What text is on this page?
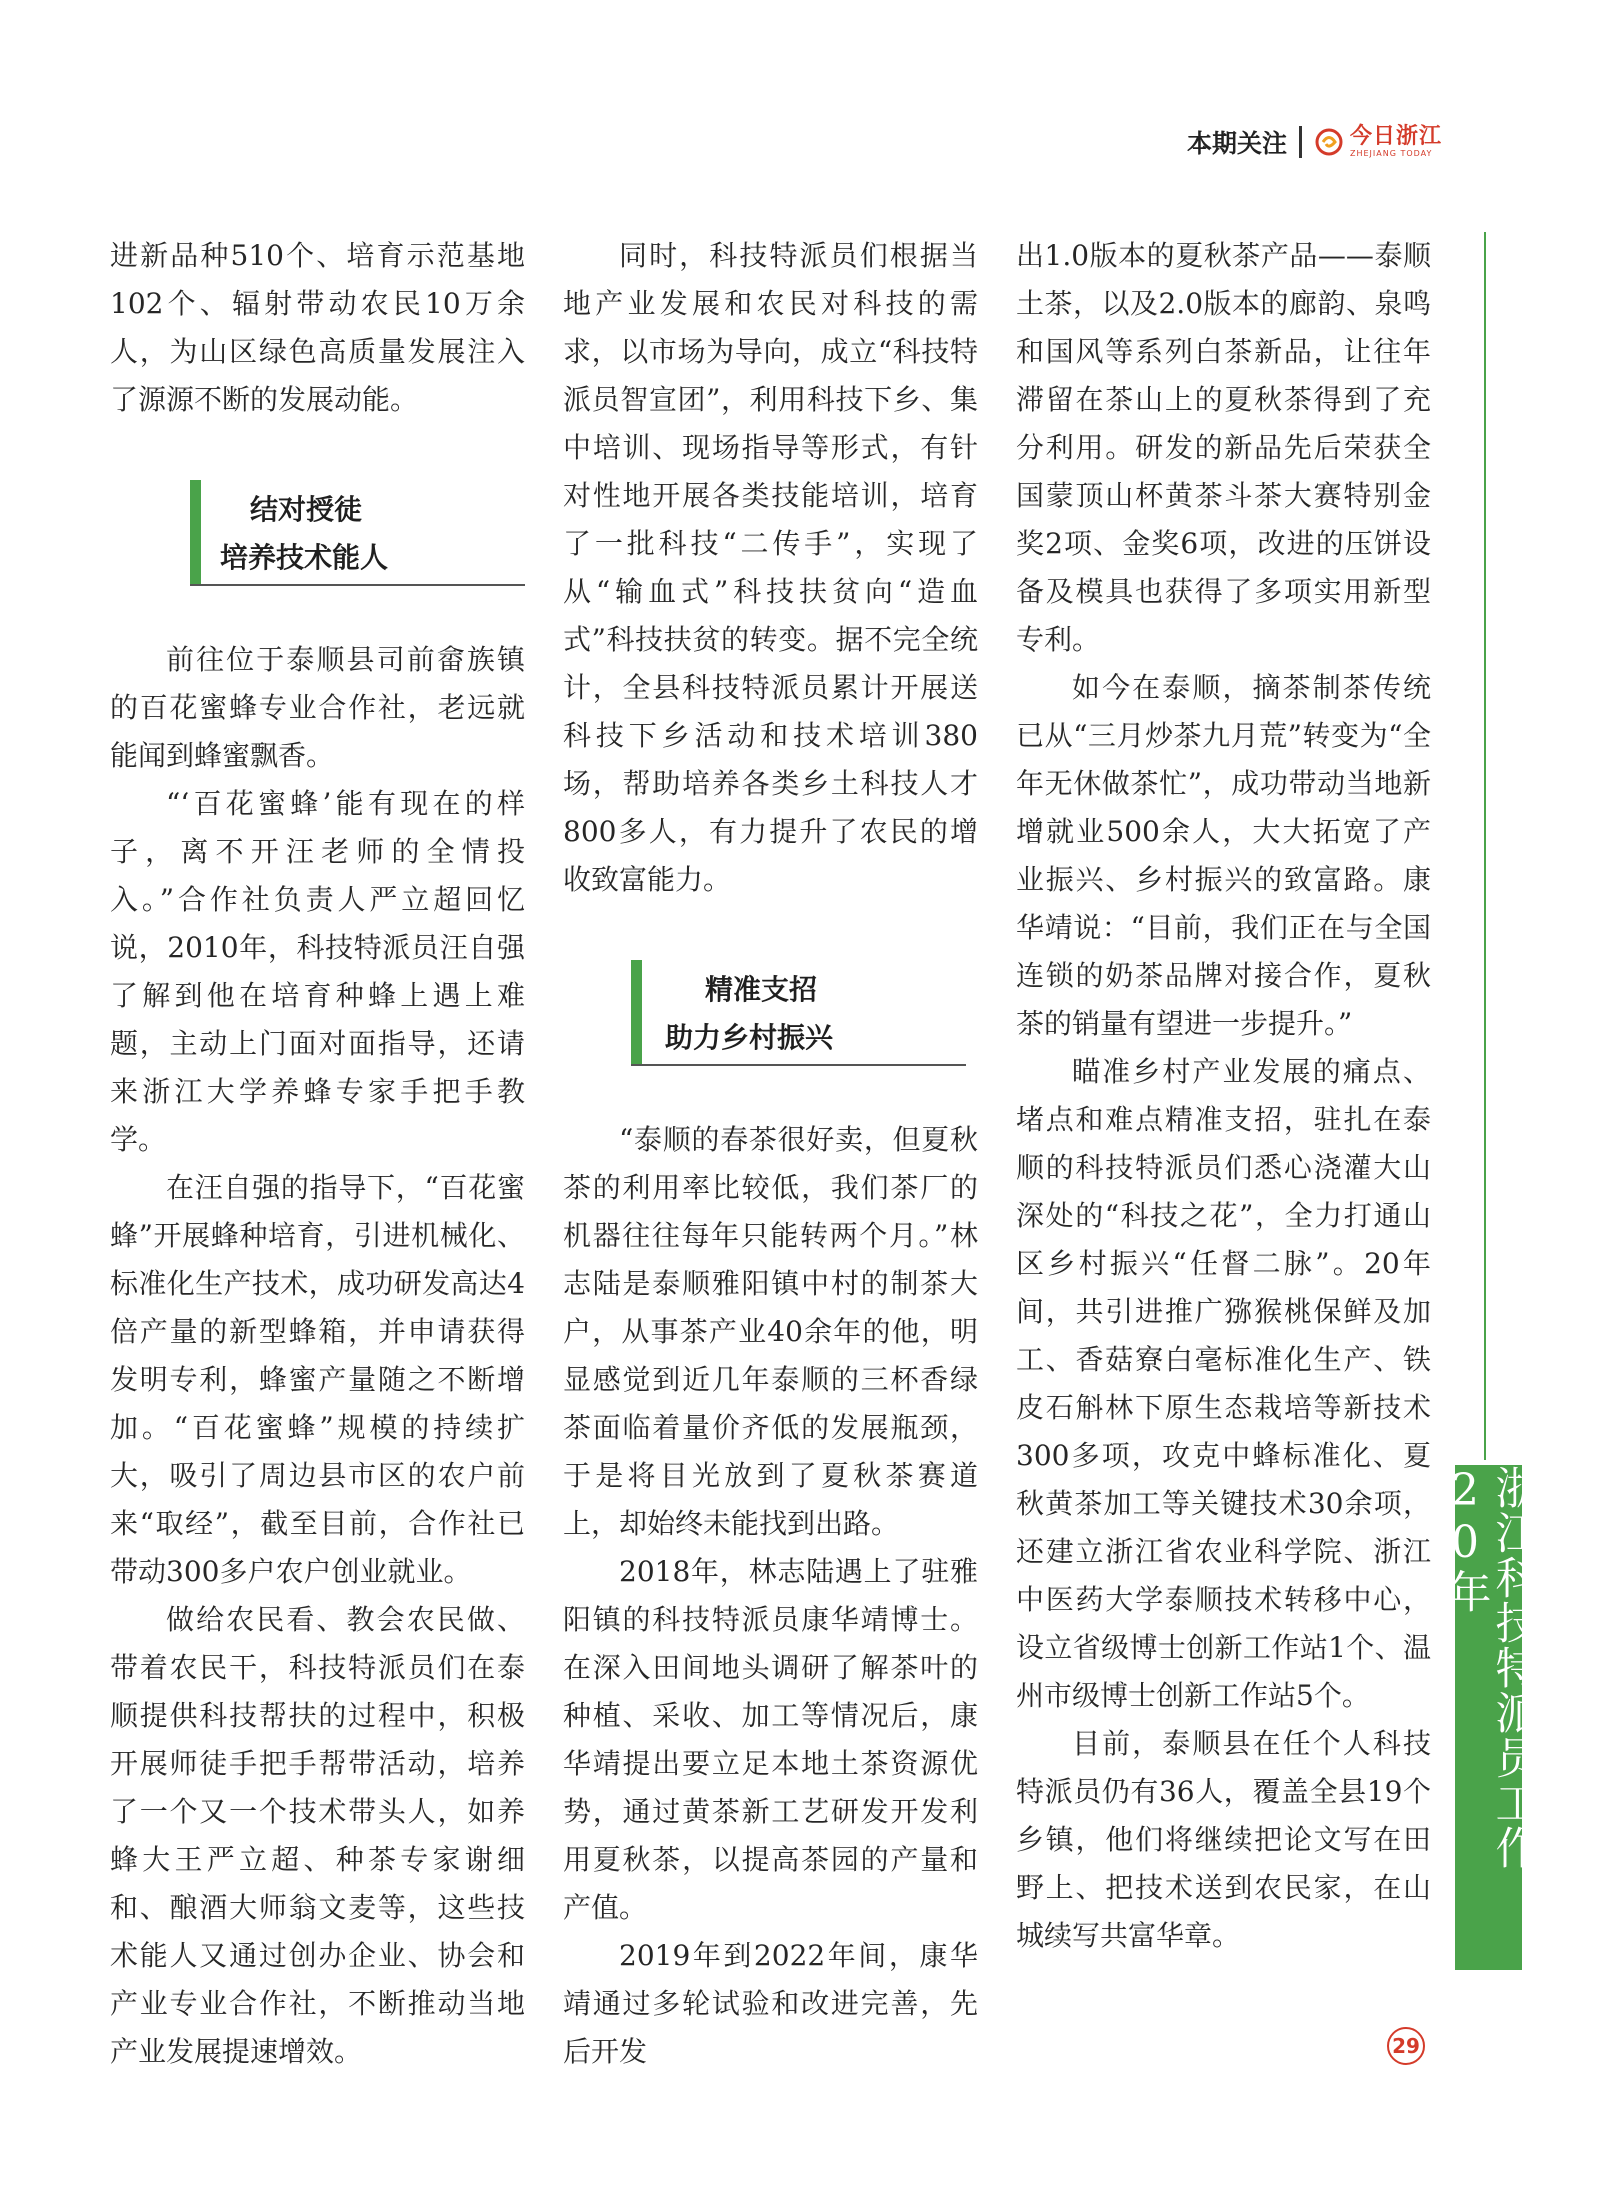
本期关注	今日浙江
ZHEJIANG TODAY

进新品种510个、培育示范基地102个、辐射带动农民10万余人，为山区绿色高质量发展注入了源源不断的发展动能。

结对授徒
培养技术能人

前往位于泰顺县司前畲族镇的百花蜜蜂专业合作社，老远就能闻到蜂蜜飘香。

“‘百花蜜蜂’能有现在的样子，离不开汪老师的全情投入。”合作社负责人严立超回忆说，2010年，科技特派员汪自强了解到他在培育种蜂上遇上难题，主动上门面对面指导，还请来浙江大学养蜂专家手把手教学。

在汪自强的指导下，“百花蜜蜂”开展蜂种培育，引进机械化、标准化生产技术，成功研发高达4倍产量的新型蜂箱，并申请获得发明专利，蜂蜜产量随之不断增加。“百花蜜蜂”规模的持续扩大，吸引了周边县市区的农户前来“取经”，截至目前，合作社已带动300多户农户创业就业。

做给农民看、教会农民做、带着农民干，科技特派员们在泰顺提供科技帮扶的过程中，积极开展师徒手把手帮带活动，培养了一个又一个技术带头人，如养蜂大王严立超、种茶专家谢细和、酿酒大师翁文麦等，这些技术能人又通过创办企业、协会和产业专业合作社，不断推动当地产业发展提速增效。

同时，科技特派员们根据当地产业发展和农民对科技的需求，以市场为导向，成立“科技特派员智宣团”，利用科技下乡、集中培训、现场指导等形式，有针对性地开展各类技能培训，培育了一批科技“二传手”，实现了从“输血式”科技扶贫向“造血式”科技扶贫的转变。据不完全统计，全县科技特派员累计开展送科技下乡活动和技术培训380场，帮助培养各类乡土科技人才800多人，有力提升了农民的增收致富能力。

精准支招
助力乡村振兴

“泰顺的春茶很好卖，但夏秋茶的利用率比较低，我们茶厂的机器往往每年只能转两个月。”林志陆是泰顺雅阳镇中村的制茶大户，从事茶产业40余年的他，明显感觉到近几年泰顺的三杯香绿茶面临着量价齐低的发展瓶颈，于是将目光放到了夏秋茶赛道上，却始终未能找到出路。

2018年，林志陆遇上了驻雅阳镇的科技特派员康华靖博士。在深入田间地头调研了解茶叶的种植、采收、加工等情况后，康华靖提出要立足本地土茶资源优势，通过黄茶新工艺研发开发利用夏秋茶，以提高茶园的产量和产值。

2019年到2022年间，康华靖通过多轮试验和改进完善，先后开发

出1.0版本的夏秋茶产品——泰顺土茶，以及2.0版本的廊韵、泉鸣和国风等系列白茶新品，让往年滞留在茶山上的夏秋茶得到了充分利用。研发的新品先后荣获全国蒙顶山杯黄茶斗茶大赛特别金奖2项、金奖6项，改进的压饼设备及模具也获得了多项实用新型专利。

如今在泰顺，摘茶制茶传统已从“三月炒茶九月荒”转变为“全年无休做茶忙”，成功带动当地新增就业500余人，大大拓宽了产业振兴、乡村振兴的致富路。康华靖说：“目前，我们正在与全国连锁的奶茶品牌对接合作，夏秋茶的销量有望进一步提升。”

瞄准乡村产业发展的痛点、堵点和难点精准支招，驻扎在泰顺的科技特派员们悉心浇灌大山深处的“科技之花”，全力打通山区乡村振兴“任督二脉”。20年间，共引进推广猕猴桃保鲜及加工、香菇寮白毫标准化生产、铁皮石斛林下原生态栽培等新技术300多项，攻克中蜂标准化、夏秋黄茶加工等关键技术30余项，还建立浙江省农业科学院、浙江中医药大学泰顺技术转移中心，设立省级博士创新工作站1个、温州市级博士创新工作站5个。

目前，泰顺县在任个人科技特派员仍有36人，覆盖全县19个乡镇，他们将继续把论文写在田野上、把技术送到农民家，在山城续写共富华章。

浙江科技特派员工作20年
29
